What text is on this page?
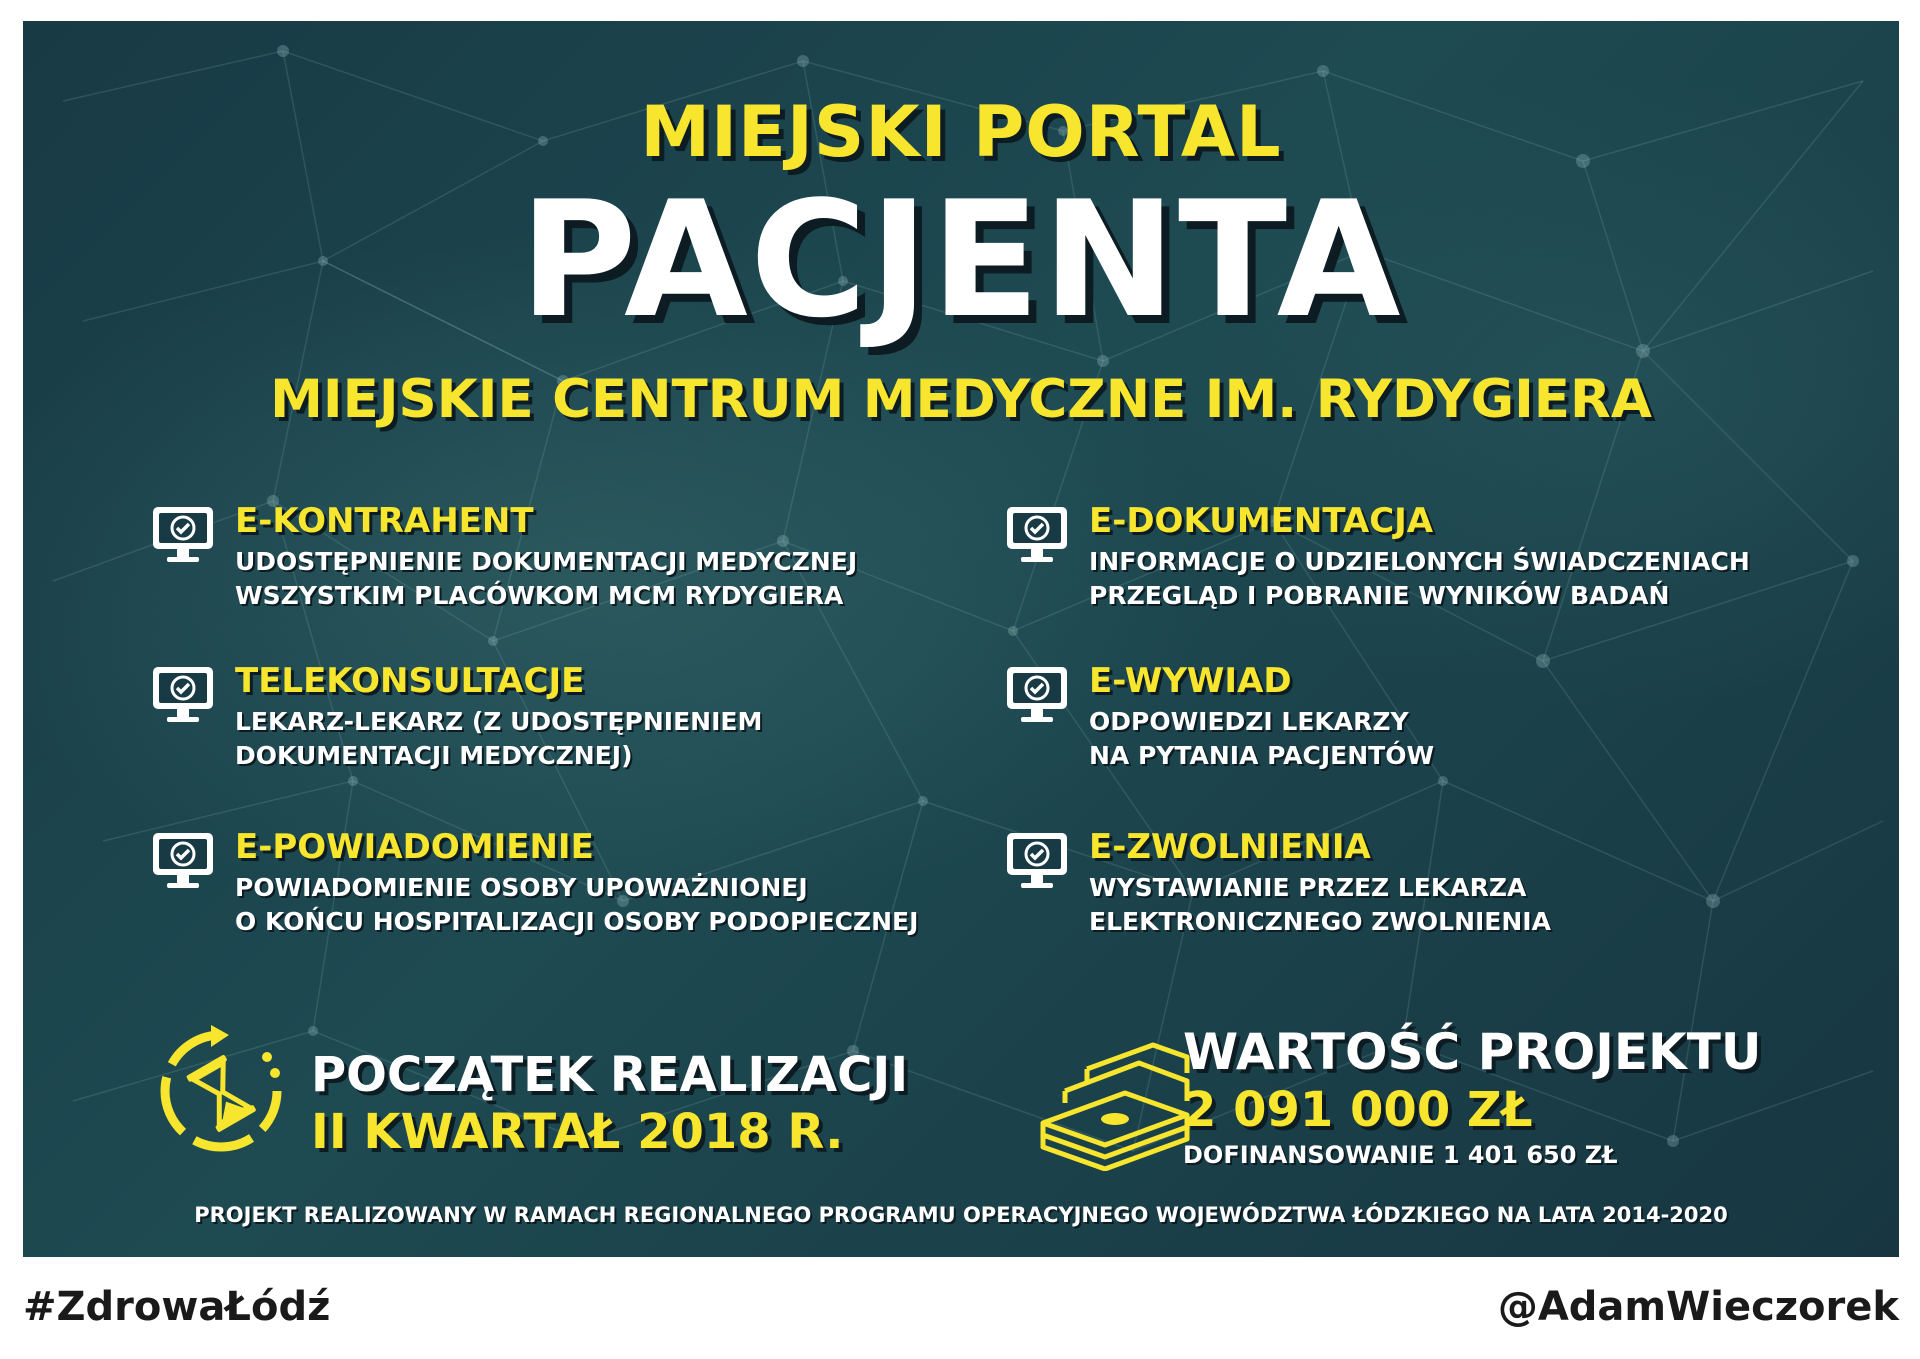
MIEJSKI PORTAL
PACJENTA
MIEJSKIE CENTRUM MEDYCZNE IM. RYDYGIERA
E-KONTRAHENT
UDOSTĘPNIENIE DOKUMENTACJI MEDYCZNEJ
WSZYSTKIM PLACÓWKOM MCM RYDYGIERA
E-DOKUMENTACJA
INFORMACJE O UDZIELONYCH ŚWIADCZENIACH
PRZEGLĄD I POBRANIE WYNIKÓW BADAŃ
TELEKONSULTACJE
LEKARZ-LEKARZ (Z UDOSTĘPNIENIEM
DOKUMENTACJI MEDYCZNEJ)
E-WYWIAD
ODPOWIEDZI LEKARZY
NA PYTANIA PACJENTÓW
E-POWIADOMIENIE
POWIADOMIENIE OSOBY UPOWAŻNIONEJ
O KOŃCU HOSPITALIZACJI OSOBY PODOPIECZNEJ
E-ZWOLNIENIA
WYSTAWIANIE PRZEZ LEKARZA
ELEKTRONICZNEGO ZWOLNIENIA
POCZĄTEK REALIZACJI
II KWARTAŁ 2018 R.
WARTOŚĆ PROJEKTU
2 091 000 ZŁ
DOFINANSOWANIE 1 401 650 ZŁ
PROJEKT REALIZOWANY W RAMACH REGIONALNEGO PROGRAMU OPERACYJNEGO WOJEWÓDZTWA ŁÓDZKIEGO NA LATA 2014-2020
#ZdrowaŁódź	@AdamWieczorek
